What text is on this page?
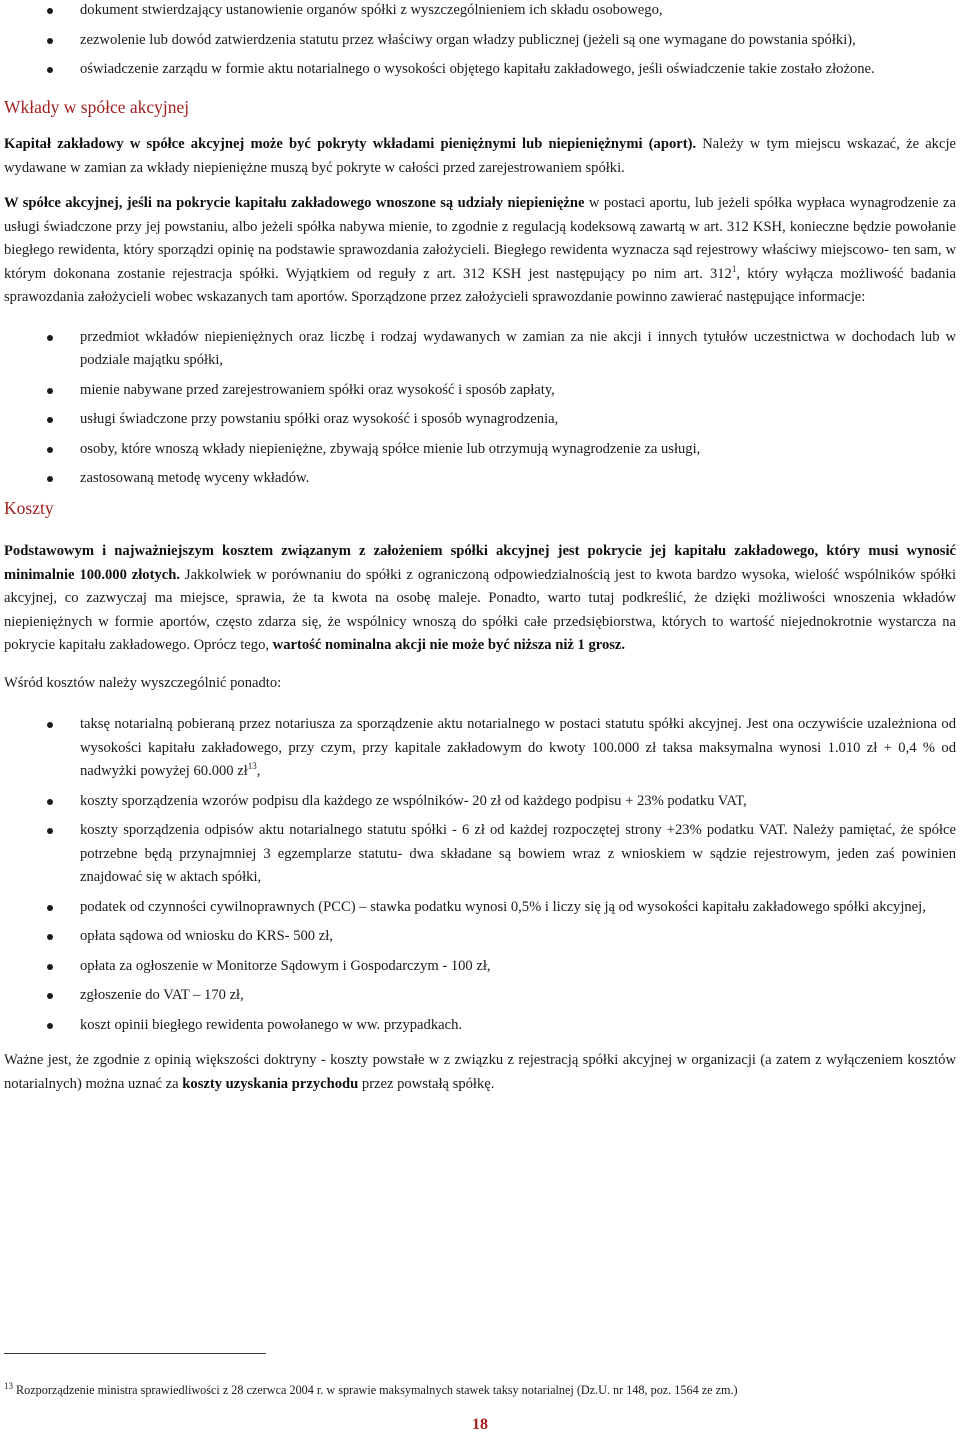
dokument stwierdzający ustanowienie organów spółki z wyszczególnieniem ich składu osobowego,
zezwolenie lub dowód zatwierdzenia statutu przez właściwy organ władzy publicznej (jeżeli są one wymagane do powstania spółki),
oświadczenie zarządu w formie aktu notarialnego o wysokości objętego kapitału zakładowego, jeśli oświadczenie takie zostało złożone.
Wkłady w spółce akcyjnej

Kapitał zakładowy w spółce akcyjnej może być pokryty wkładami pieniężnymi lub niepieniężnymi (aport). Należy w tym miejscu wskazać, że akcje wydawane w zamian za wkłady niepieniężne muszą być pokryte w całości przed zarejestrowaniem spółki.

W spółce akcyjnej, jeśli na pokrycie kapitału zakładowego wnoszone są udziały niepieniężne w postaci aportu, lub jeżeli spółka wypłaca wynagrodzenie za usługi świadczone przy jej powstaniu, albo jeżeli spółka nabywa mienie, to zgodnie z regulacją kodeksową zawartą w art. 312 KSH, konieczne będzie powołanie biegłego rewidenta, który sporządzi opinię na podstawie sprawozdania założycieli. Biegłego rewidenta wyznacza sąd rejestrowy właściwy miejscowo- ten sam, w którym dokonana zostanie rejestracja spółki. Wyjątkiem od reguły z art. 312 KSH jest następujący po nim art. $312^1$, który wyłącza możliwość badania sprawozdania założycieli wobec wskazanych tam aportów. Sporządzone przez założycieli sprawozdanie powinno zawierać następujące informacje:

przedmiot wkładów niepieniężnych oraz liczbę i rodzaj wydawanych w zamian za nie akcji i innych tytułów uczestnictwa w dochodach lub w podziale majątku spółki,
mienie nabywane przed zarejestrowaniem spółki oraz wysokość i sposób zapłaty,
usługi świadczone przy powstaniu spółki oraz wysokość i sposób wynagrodzenia,
osoby, które wnoszą wkłady niepieniężne, zbywają spółce mienie lub otrzymują wynagrodzenie za usługi,
zastosowaną metodę wyceny wkładów.
Koszty

Podstawowym i najważniejszym kosztem związanym z założeniem spółki akcyjnej jest pokrycie jej kapitału zakładowego, który musi wynosić minimalnie 100.000 złotych. Jakkolwiek w porównaniu do spółki z ograniczoną odpowiedzialnością jest to kwota bardzo wysoka, wielość wspólników spółki akcyjnej, co zazwyczaj ma miejsce, sprawia, że ta kwota na osobę maleje. Ponadto, warto tutaj podkreślić, że dzięki możliwości wnoszenia wkładów niepieniężnych w formie aportów, często zdarza się, że wspólnicy wnoszą do spółki całe przedsiębiorstwa, których to wartość niejednokrotnie wystarcza na pokrycie kapitału zakładowego. Oprócz tego, wartość nominalna akcji nie może być niższa niż 1 grosz.

Wśród kosztów należy wyszczególnić ponadto:

taksę notarialną pobieraną przez notariusza za sporządzenie aktu notarialnego w postaci statutu spółki akcyjnej. Jest ona oczywiście uzależniona od wysokości kapitału zakładowego, przy czym, przy kapitale zakładowym do kwoty 100.000 zł taksa maksymalna wynosi 1.010 zł + 0,4 % od nadwyżki powyżej 60.000 $zł^{13}$,
koszty sporządzenia wzorów podpisu dla każdego ze wspólników- 20 zł od każdego podpisu + 23% podatku VAT,
koszty sporządzenia odpisów aktu notarialnego statutu spółki - 6 zł od każdej rozpoczętej strony +23% podatku VAT. Należy pamiętać, że spółce potrzebne będą przynajmniej 3 egzemplarze statutu- dwa składane są bowiem wraz z wnioskiem w sądzie rejestrowym, jeden zaś powinien znajdować się w aktach spółki,
podatek od czynności cywilnoprawnych (PCC) – stawka podatku wynosi 0,5% i liczy się ją od wysokości kapitału zakładowego spółki akcyjnej,
opłata sądowa od wniosku do KRS- 500 zł,
opłata za ogłoszenie w Monitorze Sądowym i Gospodarczym - 100 zł,
zgłoszenie do VAT – 170 zł,
koszt opinii biegłego rewidenta powołanego w ww. przypadkach.

Ważne jest, że zgodnie z opinią większości doktryny - koszty powstałe w z związku z rejestracją spółki akcyjnej w organizacji (a zatem z wyłączeniem kosztów notarialnych) można uznać za koszty uzyskania przychodu przez powstałą spółkę.

$^{13}$ Rozporządzenie ministra sprawiedliwości z 28 czerwca 2004 r. w sprawie maksymalnych stawek taksy notarialnej (Dz.U. nr 148, poz. 1564 ze zm.)
18
